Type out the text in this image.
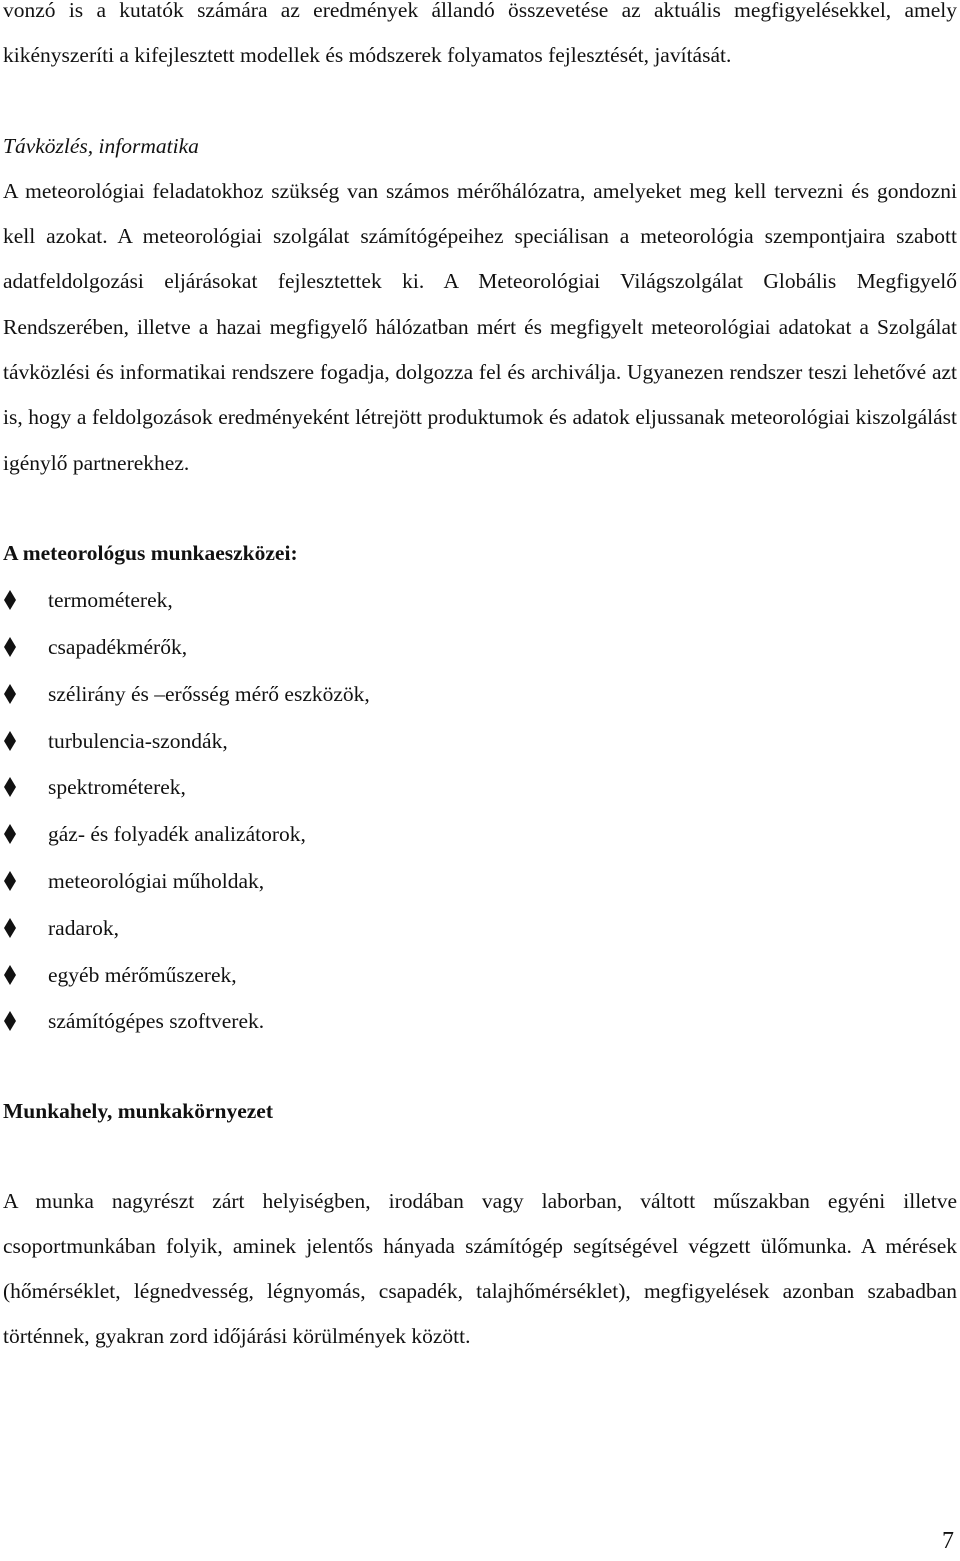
vonzó is a kutatók számára az eredmények állandó összevetése az aktuális megfigyelésekkel, amely kikényszeríti a kifejlesztett modellek és módszerek folyamatos fejlesztését, javítását.

Távközlés, informatika

A meteorológiai feladatokhoz szükség van számos mérőhálózatra, amelyeket meg kell tervezni és gondozni kell azokat. A meteorológiai szolgálat számítógépeihez speciálisan a meteorológia szempontjaira szabott adatfeldolgozási eljárásokat fejlesztettek ki. A Meteorológiai Világszolgálat Globális Megfigyelő Rendszerében, illetve a hazai megfigyelő hálózatban mért és megfigyelt meteorológiai adatokat a Szolgálat távközlési és informatikai rendszere fogadja, dolgozza fel és archiválja. Ugyanezen rendszer teszi lehetővé azt is, hogy a feldolgozások eredményeként létrejött produktumok és adatok eljussanak meteorológiai kiszolgálást igénylő partnerekhez.

A meteorológus munkaeszközei:
termométerek,
csapadékmérők,
szélirány és –erősség mérő eszközök,
turbulencia-szondák,
spektrométerek,
gáz- és folyadék analizátorok,
meteorológiai műholdak,
radarok,
egyéb mérőműszerek,
számítógépes szoftverek.
Munkahely, munkakörnyezet

A munka nagyrészt zárt helyiségben, irodában vagy laborban, váltott műszakban egyéni illetve csoportmunkában folyik, aminek jelentős hányada számítógép segítségével végzett ülőmunka. A mérések (hőmérséklet, légnedvesség, légnyomás, csapadék, talajhőmérséklet), megfigyelések azonban szabadban történnek, gyakran zord időjárási körülmények között.

7
